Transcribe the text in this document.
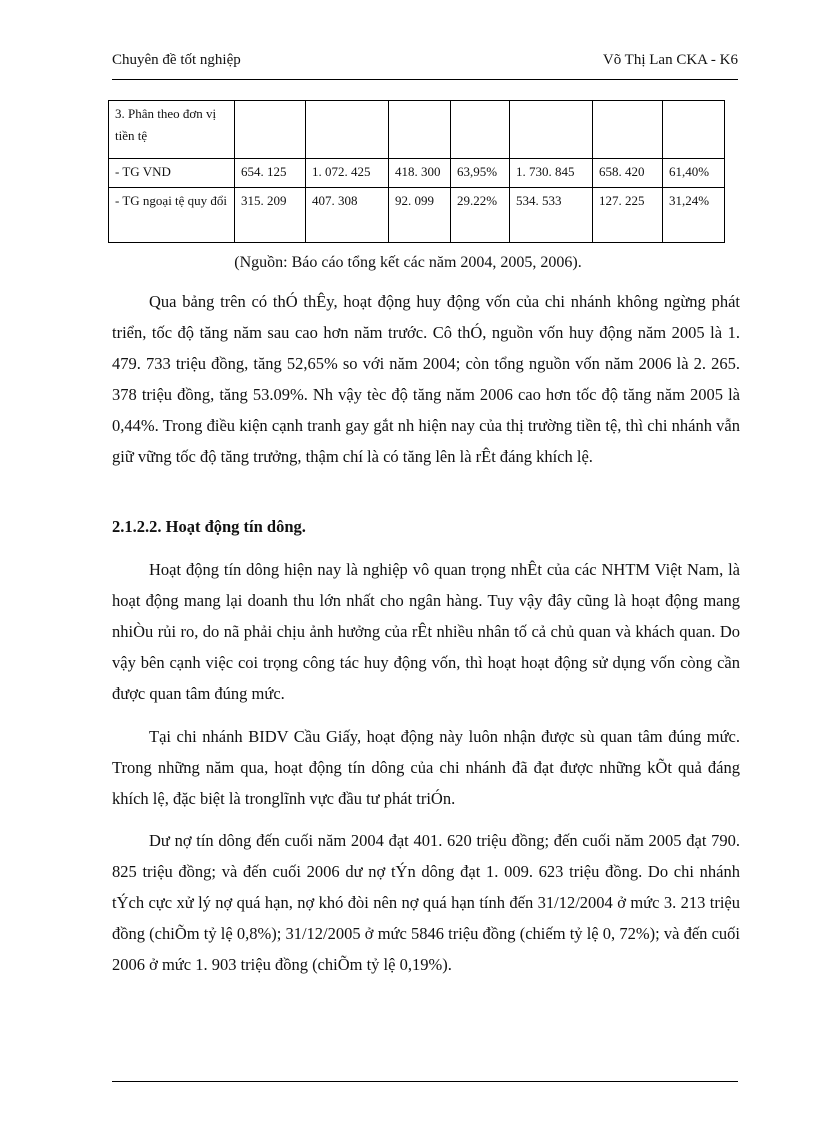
Chuyên đề tốt nghiệp	Võ Thị Lan CKA - K6
3. Phân theo đơn vị tiền tệ							
- TG VND	654. 125	1. 072. 425	418. 300	63,95%	1. 730. 845	658. 420	61,40%
- TG ngoại tệ quy đổi	315. 209	407. 308	92. 099	29.22%	534. 533	127. 225	31,24%
(Nguồn: Báo cáo tổng kết các năm 2004, 2005, 2006).

Qua bảng trên có thÓ thÊy, hoạt động huy động vốn của chi nhánh không ngừng phát triển, tốc độ tăng năm sau cao hơn năm trước. Cô thÓ, nguồn vốn huy động năm 2005 là 1. 479. 733 triệu đồng, tăng 52,65% so với năm 2004; còn tổng nguồn vốn năm 2006 là 2. 265. 378 triệu đồng, tăng 53.09%. Nh vậy tèc độ tăng năm 2006 cao hơn tốc độ tăng năm 2005 là 0,44%. Trong điều kiện cạnh tranh gay gắt nh hiện nay của thị trường tiền tệ, thì chi nhánh vẫn giữ vững tốc độ tăng trưởng, thậm chí là có tăng lên là rÊt đáng khích lệ.

2.1.2.2. Hoạt động tín dông.

Hoạt động tín dông hiện nay là nghiệp vô quan trọng nhÊt của các NHTM Việt Nam, là hoạt động mang lại doanh thu lớn nhất cho ngân hàng. Tuy vậy đây cũng là hoạt động mang nhiÒu rủi ro, do nã phải chịu ảnh hưởng của rÊt nhiều nhân tố cả chủ quan và khách quan. Do vậy bên cạnh việc coi trọng công tác huy động vốn, thì hoạt hoạt động sử dụng vốn còng cần được quan tâm đúng mức.

Tại chi nhánh BIDV Cầu Giấy, hoạt động này luôn nhận được sù quan tâm đúng mức. Trong những năm qua, hoạt động tín dông của chi nhánh đã đạt được những kÕt quả đáng khích lệ, đặc biệt là tronglĩnh vực đầu tư phát triÓn.

Dư nợ tín dông đến cuối năm 2004 đạt 401. 620 triệu đồng; đến cuối năm 2005 đạt 790. 825 triệu đồng; và đến cuối 2006 dư nợ tÝn dông đạt 1. 009. 623 triệu đồng. Do chi nhánh tÝch cực xử lý nợ quá hạn, nợ khó đòi nên nợ quá hạn tính đến 31/12/2004 ở mức 3. 213 triệu đồng (chiÕm tỷ lệ 0,8%); 31/12/2005 ở mức 5846 triệu đồng (chiếm tỷ lệ 0, 72%); và đến cuối 2006 ở mức 1. 903 triệu đồng (chiÕm tỷ lệ 0,19%).
